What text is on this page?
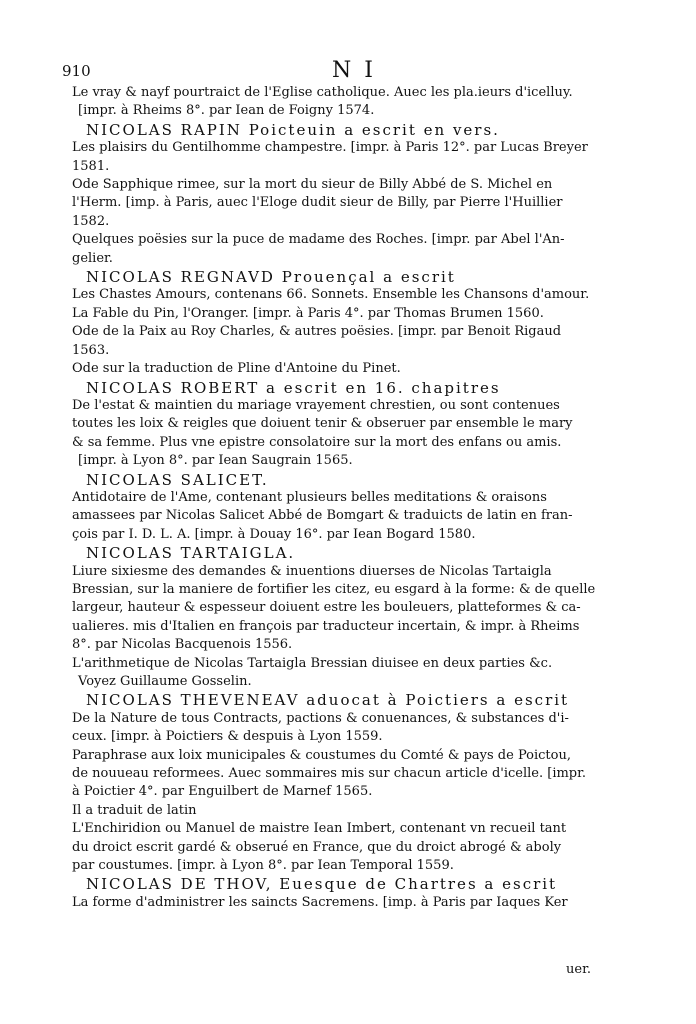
910	N I

Le vray & nayf pourtraict de l'Eglise catholique. Auec les pla.ieurs d'icelluy.

[impr. à Rheims 8°. par Iean de Foigny 1574.

NICOLAS RAPIN Poicteuin a escrit en vers.

Les plaisirs du Gentilhomme champestre. [impr. à Paris 12°. par Lucas Breyer

1581.

Ode Sapphique rimee, sur la mort du sieur de Billy Abbé de S. Michel en

l'Herm. [imp. à Paris, auec l'Eloge dudit sieur de Billy, par Pierre l'Huillier

1582.

Quelques poësies sur la puce de madame des Roches. [impr. par Abel l'An-

gelier.

NICOLAS REGNAVD Prouençal a escrit

Les Chastes Amours, contenans 66. Sonnets. Ensemble les Chansons d'amour.

La Fable du Pin, l'Oranger. [impr. à Paris 4°. par Thomas Brumen 1560.

Ode de la Paix au Roy Charles, & autres poësies. [impr. par Benoit Rigaud

1563.

Ode sur la traduction de Pline d'Antoine du Pinet.

NICOLAS ROBERT a escrit en 16. chapitres

De l'estat & maintien du mariage vrayement chrestien, ou sont contenues

toutes les loix & reigles que doiuent tenir & obseruer par ensemble le mary

& sa femme. Plus vne epistre consolatoire sur la mort des enfans ou amis.

[impr. à Lyon 8°. par Iean Saugrain 1565.

NICOLAS SALICET.

Antidotaire de l'Ame, contenant plusieurs belles meditations & oraisons

amassees par Nicolas Salicet Abbé de Bomgart & traduicts de latin en fran-

çois par I. D. L. A. [impr. à Douay 16°. par Iean Bogard 1580.

NICOLAS TARTAIGLA.

Liure sixiesme des demandes & inuentions diuerses de Nicolas Tartaigla

Bressian, sur la maniere de fortifier les citez, eu esgard à la forme: & de quelle

largeur, hauteur & espesseur doiuent estre les bouleuers, platteformes & ca-

ualieres. mis d'Italien en françois par traducteur incertain, & impr. à Rheims

8°. par Nicolas Bacquenois 1556.

L'arithmetique de Nicolas Tartaigla Bressian diuisee en deux parties &c.

Voyez Guillaume Gosselin.

NICOLAS THEVENEAV aduocat à Poictiers a escrit

De la Nature de tous Contracts, pactions & conuenances, & substances d'i-

ceux. [impr. à Poictiers & despuis à Lyon 1559.

Paraphrase aux loix municipales & coustumes du Comté & pays de Poictou,

de nouueau reformees. Auec sommaires mis sur chacun article d'icelle. [impr.

à Poictier 4°. par Enguilbert de Marnef 1565.

Il a traduit de latin

L'Enchiridion ou Manuel de maistre Iean Imbert, contenant vn recueil tant

du droict escrit gardé & obserué en France, que du droict abrogé & aboly

par coustumes. [impr. à Lyon 8°. par Iean Temporal 1559.

NICOLAS DE THOV, Euesque de Chartres a escrit

La forme d'administrer les saincts Sacremens. [imp. à Paris par Iaques Ker

uer.
